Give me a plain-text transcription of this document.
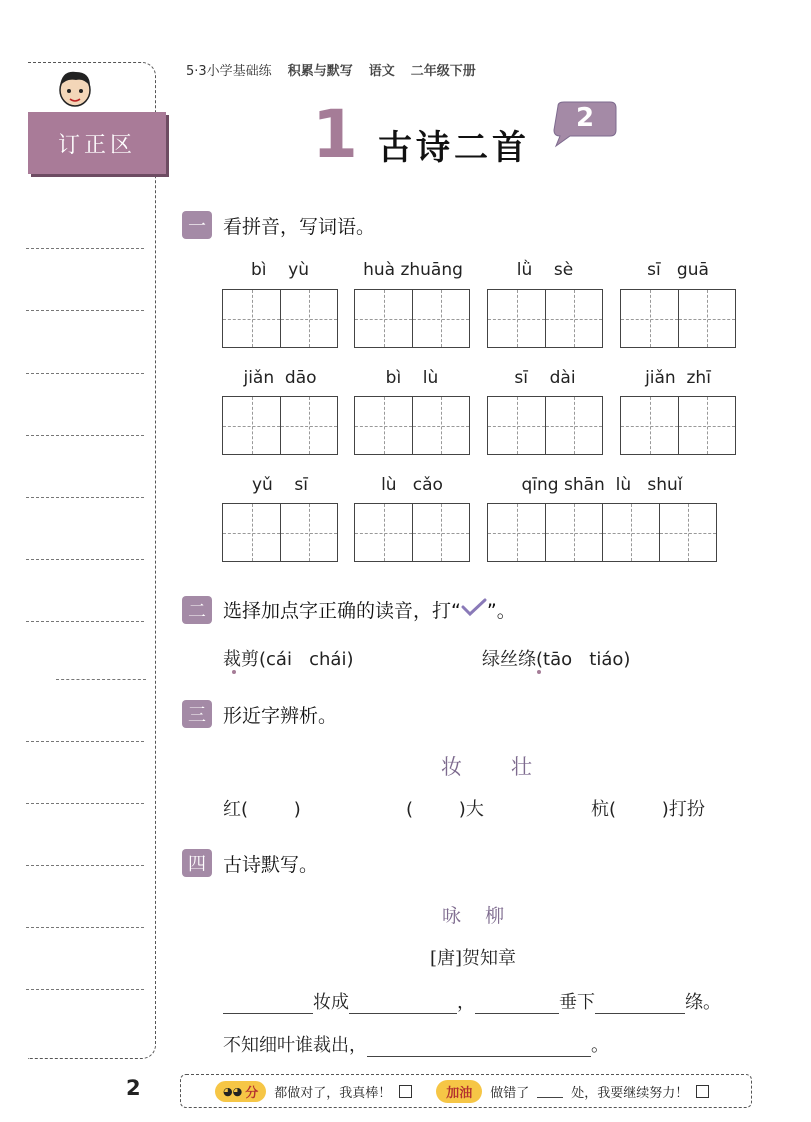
订正区
5·3小学基础练 积累与默写 语文 二年级下册
1 古诗二首
2
一 看拼音，写词语。
bì    yù	huà zhuāng	lǜ    sè	sī   guā
jiǎn  dāo	bì    lù	sī    dài	jiǎn  zhī
yǔ    sī	lù   cǎo	qīng shān  lù   shuǐ
二 选择加点字正确的读音，打“ ”。
裁剪(cái   chái)	绿丝绦(tāo   tiáo)
三 形近字辨析。
妆 壮
红(        )	(        )大	杭(        )打扮
四 古诗默写。
咏    柳
[唐]贺知章
妆成	，	垂下	绦。
不知细叶谁裁出，	。
2	◕◕ 分 都做对了，我真棒！	加油	做错了	处，我要继续努力！
